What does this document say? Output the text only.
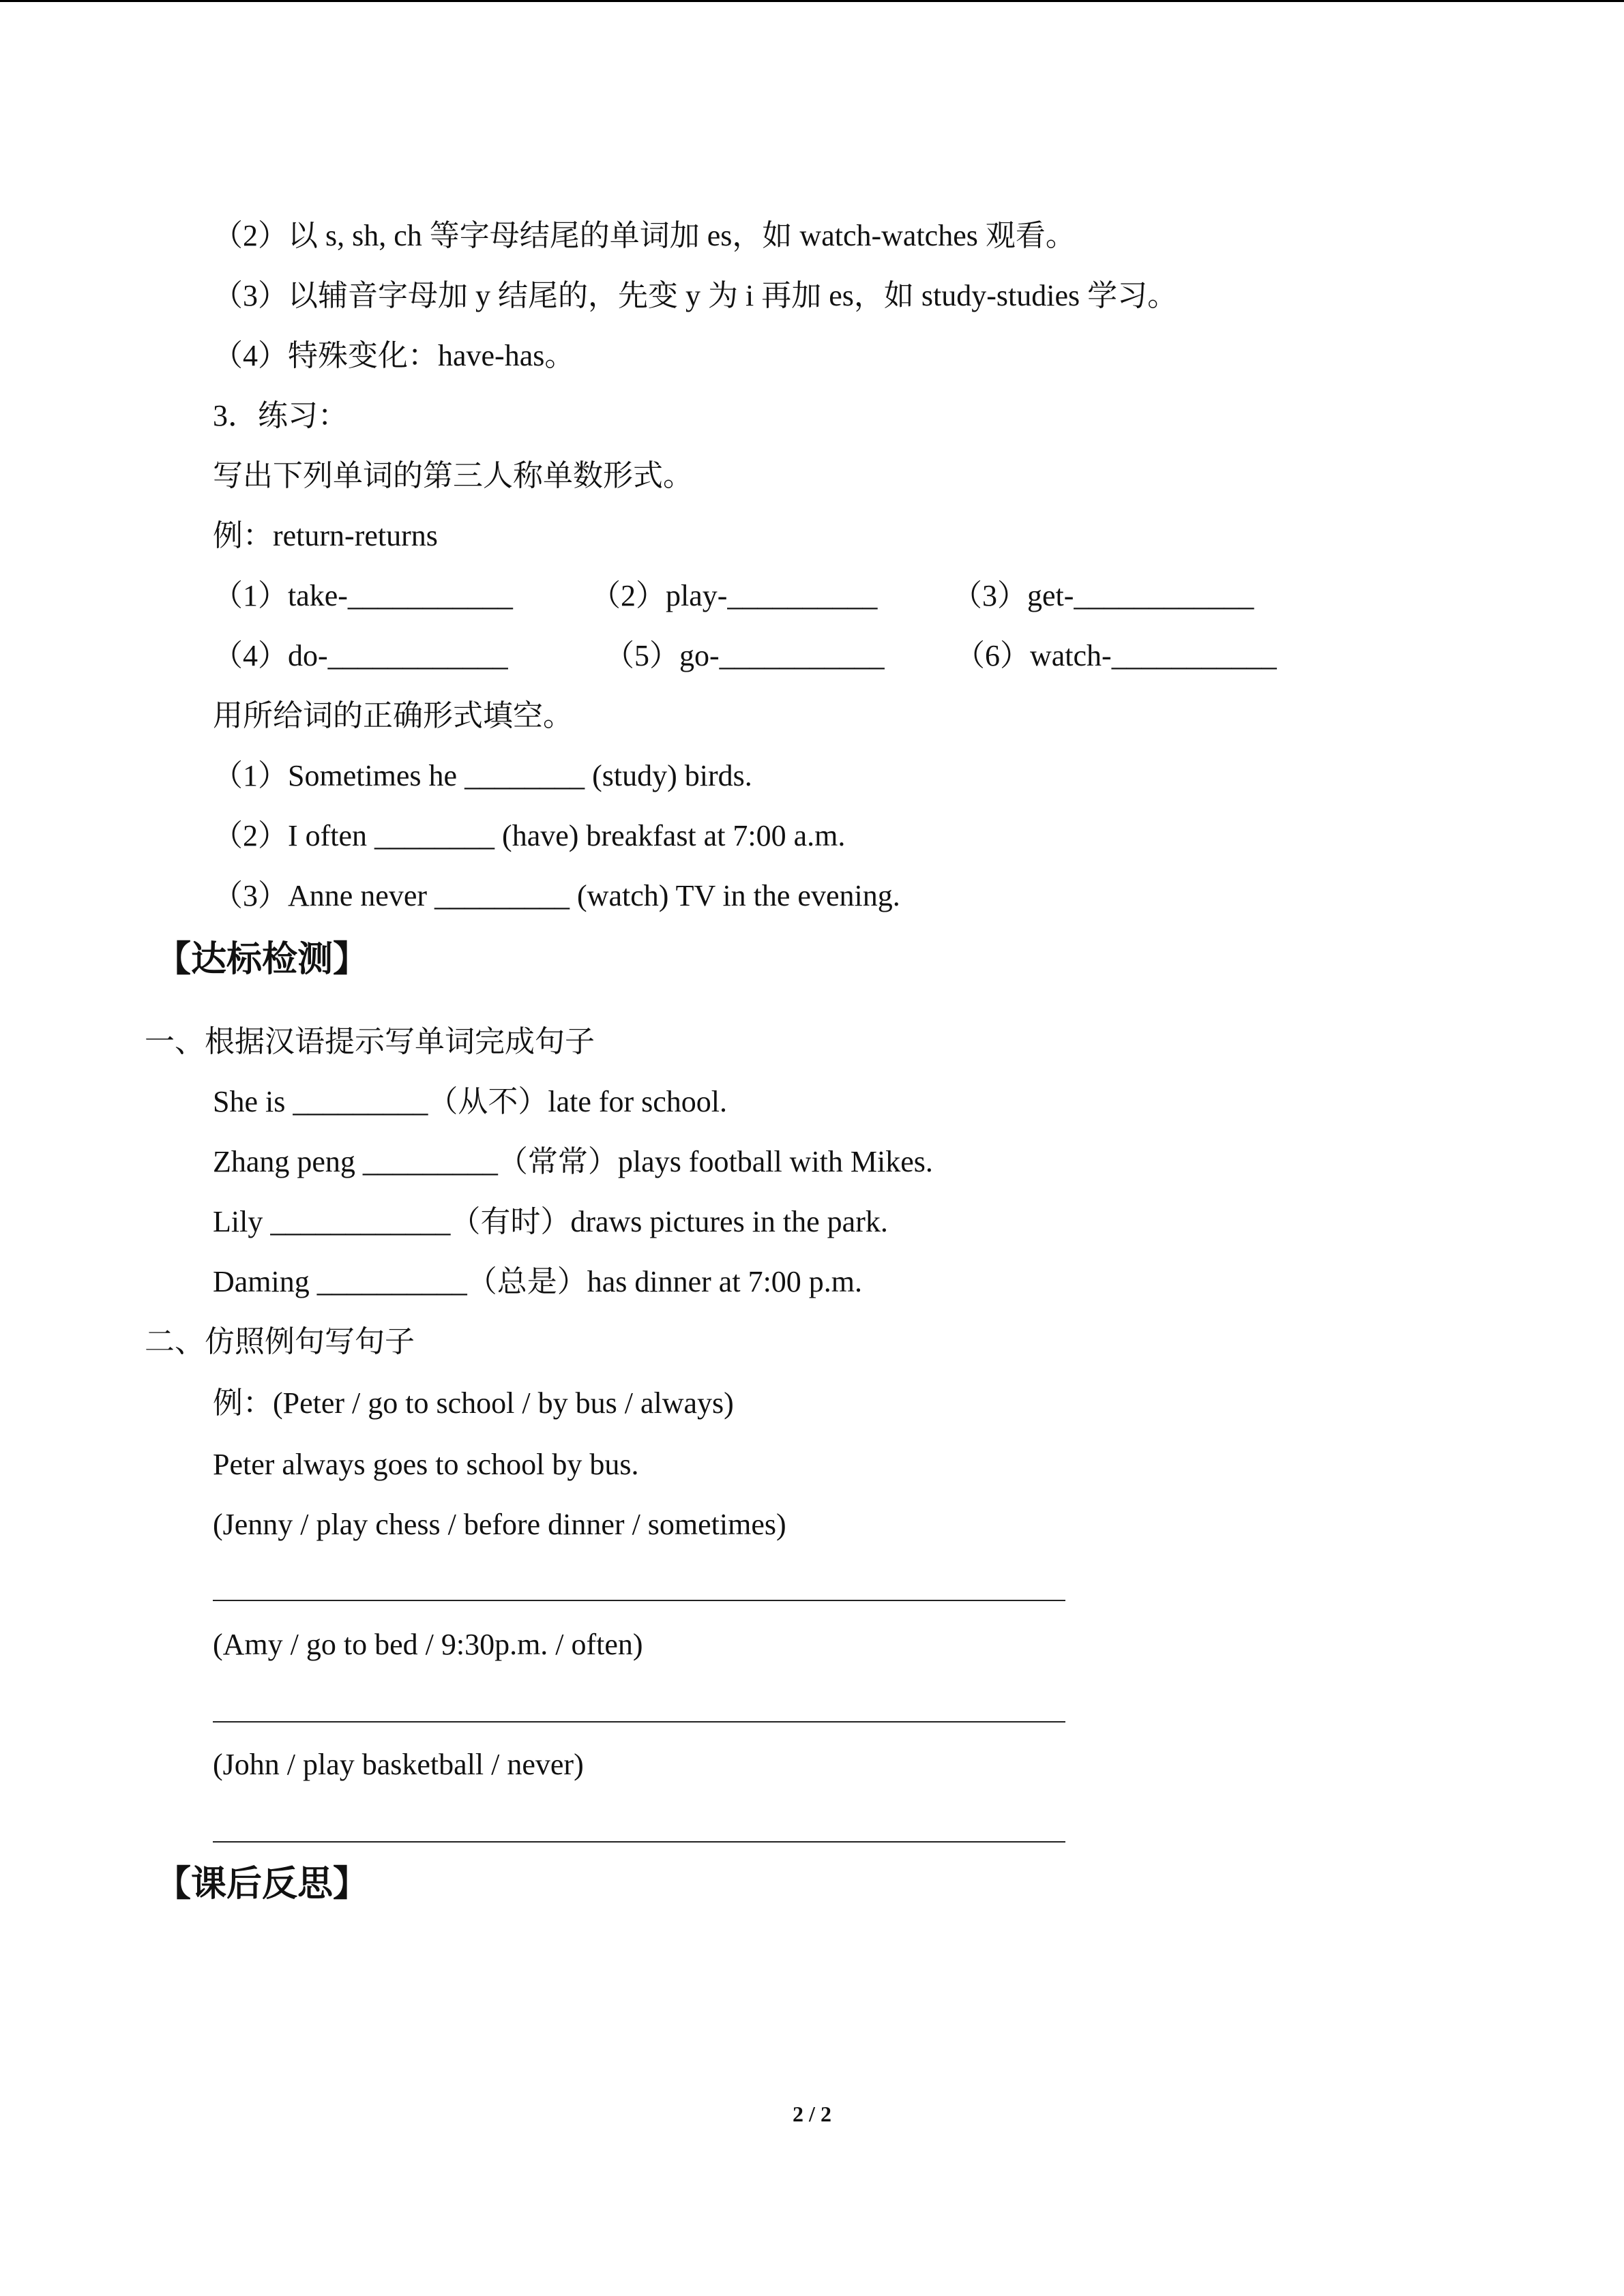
（2）以 s, sh, ch 等字母结尾的单词加 es，如 watch-watches 观看。
（3）以辅音字母加 y 结尾的，先变 y 为 i 再加 es，如 study-studies 学习。
（4）特殊变化：have-has。
3．练习：
写出下列单词的第三人称单数形式。
例：return-returns
（1）take-___________	（2）play-__________ （3）get-____________
（4）do-____________	（5）go-___________ （6）watch-___________
用所给词的正确形式填空。
（1）Sometimes he ________ (study) birds.
（2）I often ________ (have) breakfast at 7:00 a.m.
（3）Anne never _________ (watch) TV in the evening.
【达标检测】
一、根据汉语提示写单词完成句子
She is _________（从不）late for school.
Zhang peng _________（常常）plays football with Mikes.
Lily ____________（有时）draws pictures in the park.
Daming __________（总是）has dinner at 7:00 p.m.
二、仿照例句写句子
例：(Peter / go to school / by bus / always)
Peter always goes to school by bus.
(Jenny / play chess / before dinner / sometimes)
(Amy / go to bed / 9:30p.m. / often)
(John / play basketball / never)
【课后反思】
2 / 2
